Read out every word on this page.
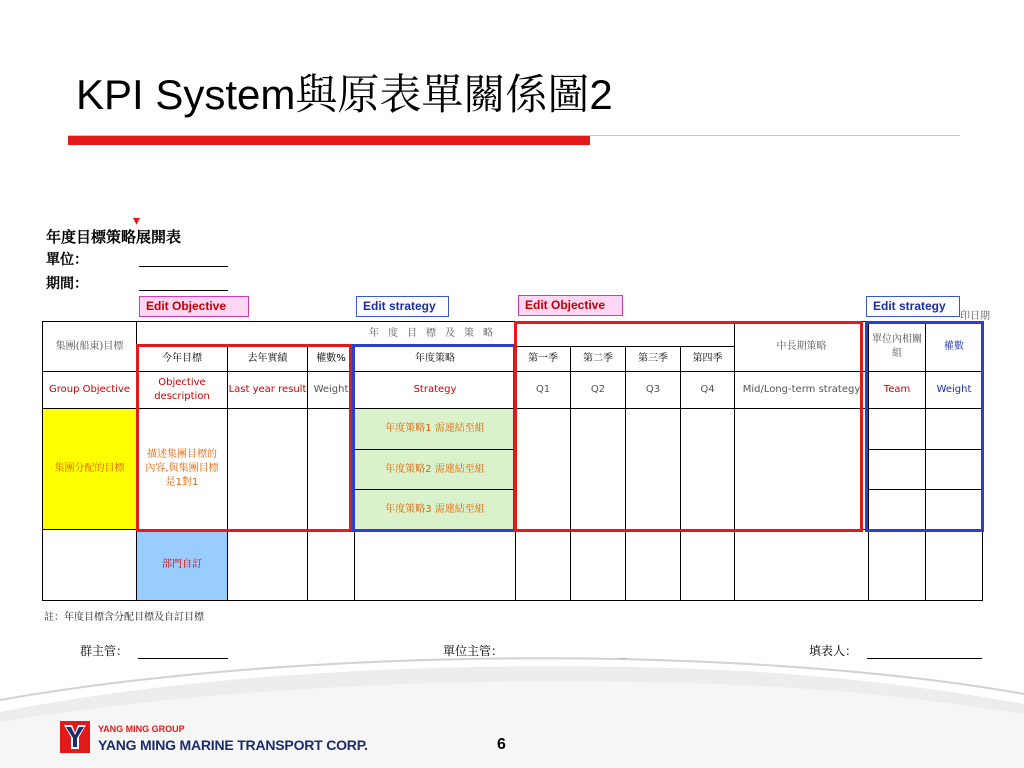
KPI System與原表單關係圖2
年度目標策略展開表
▾
單位：
期間：
Edit Objective	Edit strategy	Edit Objective	Edit strategy
印日期
集團(船東)目標	年度目標及策略								中長期策略	單位內相關組	權數
	今年目標	去年實績	權數%	年度策略	第一季	第二季	第三季	第四季			
Group Objective	Objective description	Last year result	Weight	Strategy	Q1	Q2	Q3	Q4	Mid/Long-term strategy	Team	Weight
集團分配的目標	描述集團目標的內容,與集團目標是1對1			年度策略1 需連結至組							
				年度策略2 需連結至組							
				年度策略3 需連結至組							
	部門自訂										
註：年度目標含分配目標及自訂目標
群主管：	單位主管：	填表人：
YANG MING GROUP
YANG MING MARINE TRANSPORT CORP.	6
